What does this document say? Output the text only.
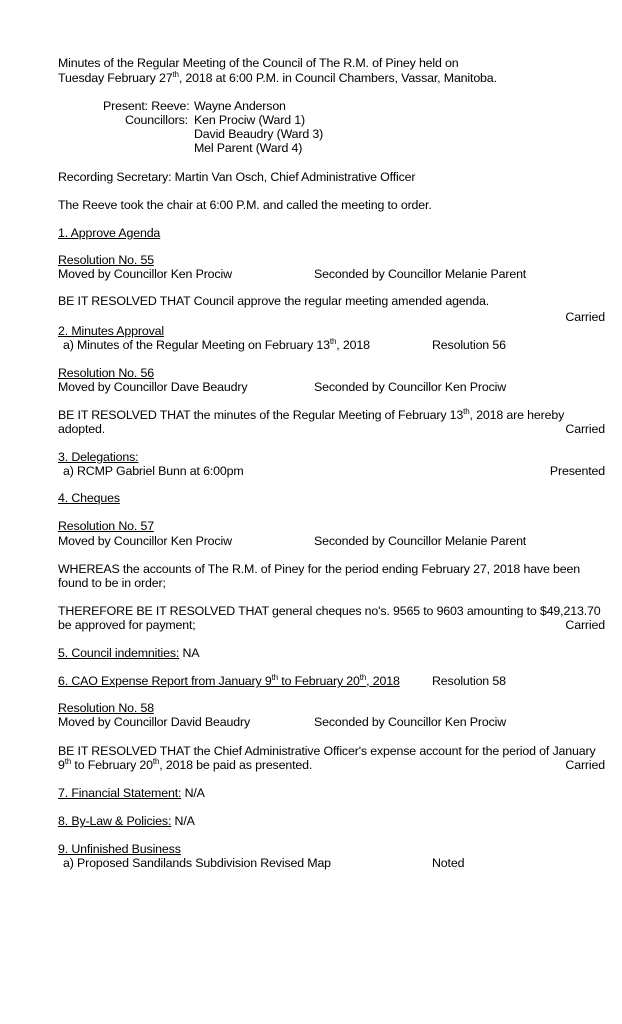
Minutes of the Regular Meeting of the Council of The R.M. of Piney held on
Tuesday February 27th, 2018 at 6:00 P.M. in Council Chambers, Vassar, Manitoba.
Present: Reeve: Wayne Anderson
Councillors: Ken Prociw (Ward 1)
David Beaudry (Ward 3)
Mel Parent (Ward 4)
Recording Secretary: Martin Van Osch, Chief Administrative Officer
The Reeve took the chair at 6:00 P.M. and called the meeting to order.
1. Approve Agenda
Resolution No. 55
Moved by Councillor Ken Prociw	Seconded by Councillor Melanie Parent
BE IT RESOLVED THAT Council approve the regular meeting amended agenda.
Carried
2. Minutes Approval
a) Minutes of the Regular Meeting on February 13th, 2018	Resolution 56
Resolution No. 56
Moved by Councillor Dave Beaudry	Seconded by Councillor Ken Prociw
BE IT RESOLVED THAT the minutes of the Regular Meeting of February 13th, 2018 are hereby
adopted.	Carried
3. Delegations:
a) RCMP Gabriel Bunn at 6:00pm	Presented
4. Cheques
Resolution No. 57
Moved by Councillor Ken Prociw	Seconded by Councillor Melanie Parent
WHEREAS the accounts of The R.M. of Piney for the period ending February 27, 2018 have been
found to be in order;
THEREFORE BE IT RESOLVED THAT general cheques no's. 9565 to 9603 amounting to $49,213.70
be approved for payment;	Carried
5. Council indemnities: NA
6. CAO Expense Report from January 9th to February 20th, 2018	Resolution 58
Resolution No. 58
Moved by Councillor David Beaudry	Seconded by Councillor Ken Prociw
BE IT RESOLVED THAT the Chief Administrative Officer's expense account for the period of January
9th to February 20th, 2018 be paid as presented.	Carried
7. Financial Statement: N/A
8. By-Law & Policies: N/A
9. Unfinished Business
a) Proposed Sandilands Subdivision Revised Map	Noted
